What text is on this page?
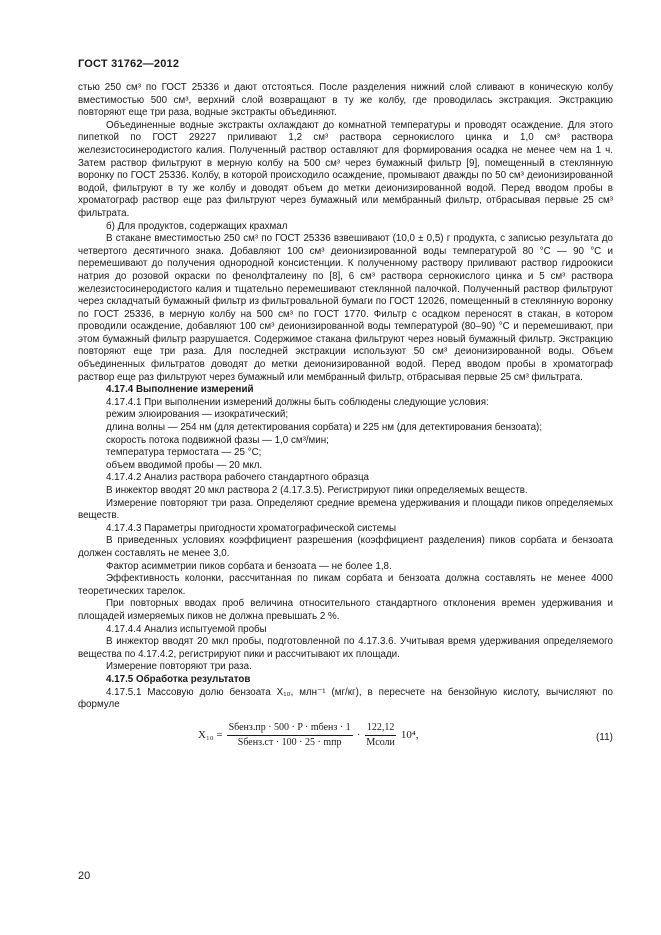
ГОСТ 31762—2012

стью 250 см³ по ГОСТ 25336 и дают отстояться. После разделения нижний слой сливают в коническую колбу вместимостью 500 см³, верхний слой возвращают в ту же колбу, где проводилась экстракция. Экстракцию повторяют еще три раза, водные экстракты объединяют.

Объединенные водные экстракты охлаждают до комнатной температуры и проводят осаждение. Для этого пипеткой по ГОСТ 29227 приливают 1,2 см³ раствора сернокислого цинка и 1,0 см³ раствора железистосинеродистого калия. Полученный раствор оставляют для формирования осадка не менее чем на 1 ч. Затем раствор фильтруют в мерную колбу на 500 см³ через бумажный фильтр [9], помещенный в стеклянную воронку по ГОСТ 25336. Колбу, в которой происходило осаждение, промывают дважды по 50 см³ деионизированной водой, фильтруют в ту же колбу и доводят объем до метки деионизированной водой. Перед вводом пробы в хроматограф раствор еще раз фильтруют через бумажный или мембранный фильтр, отбрасывая первые 25 см³ фильтрата.

б) Для продуктов, содержащих крахмал

В стакане вместимостью 250 см³ по ГОСТ 25336 взвешивают (10,0 ± 0,5) г продукта, с записью результата до четвертого десятичного знака. Добавляют 100 см³ деионизированной воды температурой 80 °С — 90 °С и перемешивают до получения однородной консистенции. К полученному раствору приливают раствор гидроокиси натрия до розовой окраски по фенолфталеину по [8], 6 см³ раствора сернокислого цинка и 5 см³ раствора железистосинеродистого калия и тщательно перемешивают стеклянной палочкой. Полученный раствор фильтруют через складчатый бумажный фильтр из фильтровальной бумаги по ГОСТ 12026, помещенный в стеклянную воронку по ГОСТ 25336, в мерную колбу на 500 см³ по ГОСТ 1770. Фильтр с осадком переносят в стакан, в котором проводили осаждение, добавляют 100 см³ деионизированной воды температурой (80–90) °С и перемешивают, при этом бумажный фильтр разрушается. Содержимое стакана фильтруют через новый бумажный фильтр. Экстракцию повторяют еще три раза. Для последней экстракции используют 50 см³ деионизированной воды. Объем объединенных фильтратов доводят до метки деионизированной водой. Перед вводом пробы в хроматограф раствор еще раз фильтруют через бумажный или мембранный фильтр, отбрасывая первые 25 см³ фильтрата.

4.17.4 Выполнение измерений

4.17.4.1 При выполнении измерений должны быть соблюдены следующие условия:

режим элюирования — изократический;

длина волны — 254 нм (для детектирования сорбата) и 225 нм (для детектирования бензоата);

скорость потока подвижной фазы — 1,0 см³/мин;

температура термостата — 25 °С;

объем вводимой пробы — 20 мкл.

4.17.4.2 Анализ раствора рабочего стандартного образца

В инжектор вводят 20 мкл раствора 2 (4.17.3.5). Регистрируют пики определяемых веществ.

Измерение повторяют три раза. Определяют средние времена удерживания и площади пиков определяемых веществ.

4.17.4.3 Параметры пригодности хроматографической системы

В приведенных условиях коэффициент разрешения (коэффициент разделения) пиков сорбата и бензоата должен составлять не менее 3,0.

Фактор асимметрии пиков сорбата и бензоата — не более 1,8.

Эффективность колонки, рассчитанная по пикам сорбата и бензоата должна составлять не менее 4000 теоретических тарелок.

При повторных вводах проб величина относительного стандартного отклонения времен удерживания и площадей измеряемых пиков не должна превышать 2 %.

4.17.4.4 Анализ испытуемой пробы

В инжектор вводят 20 мкл пробы, подготовленной по 4.17.3.6. Учитывая время удерживания определяемого вещества по 4.17.4.2, регистрируют пики и рассчитывают их площади.

Измерение повторяют три раза.

4.17.5 Обработка результатов

4.17.5.1 Массовую долю бензоата X₁₀, млн⁻¹ (мг/кг), в пересчете на бензойную кислоту, вычисляют по формуле

$X_{10} = \frac{\text{Sбенз.пр · 500 · P · mбенз · 1}}{\text{Sбенз.ст · 100 · 25 · mпр}} \cdot \frac{122,12}{\text{Mсоли}} 10^4$,	(11)
20
